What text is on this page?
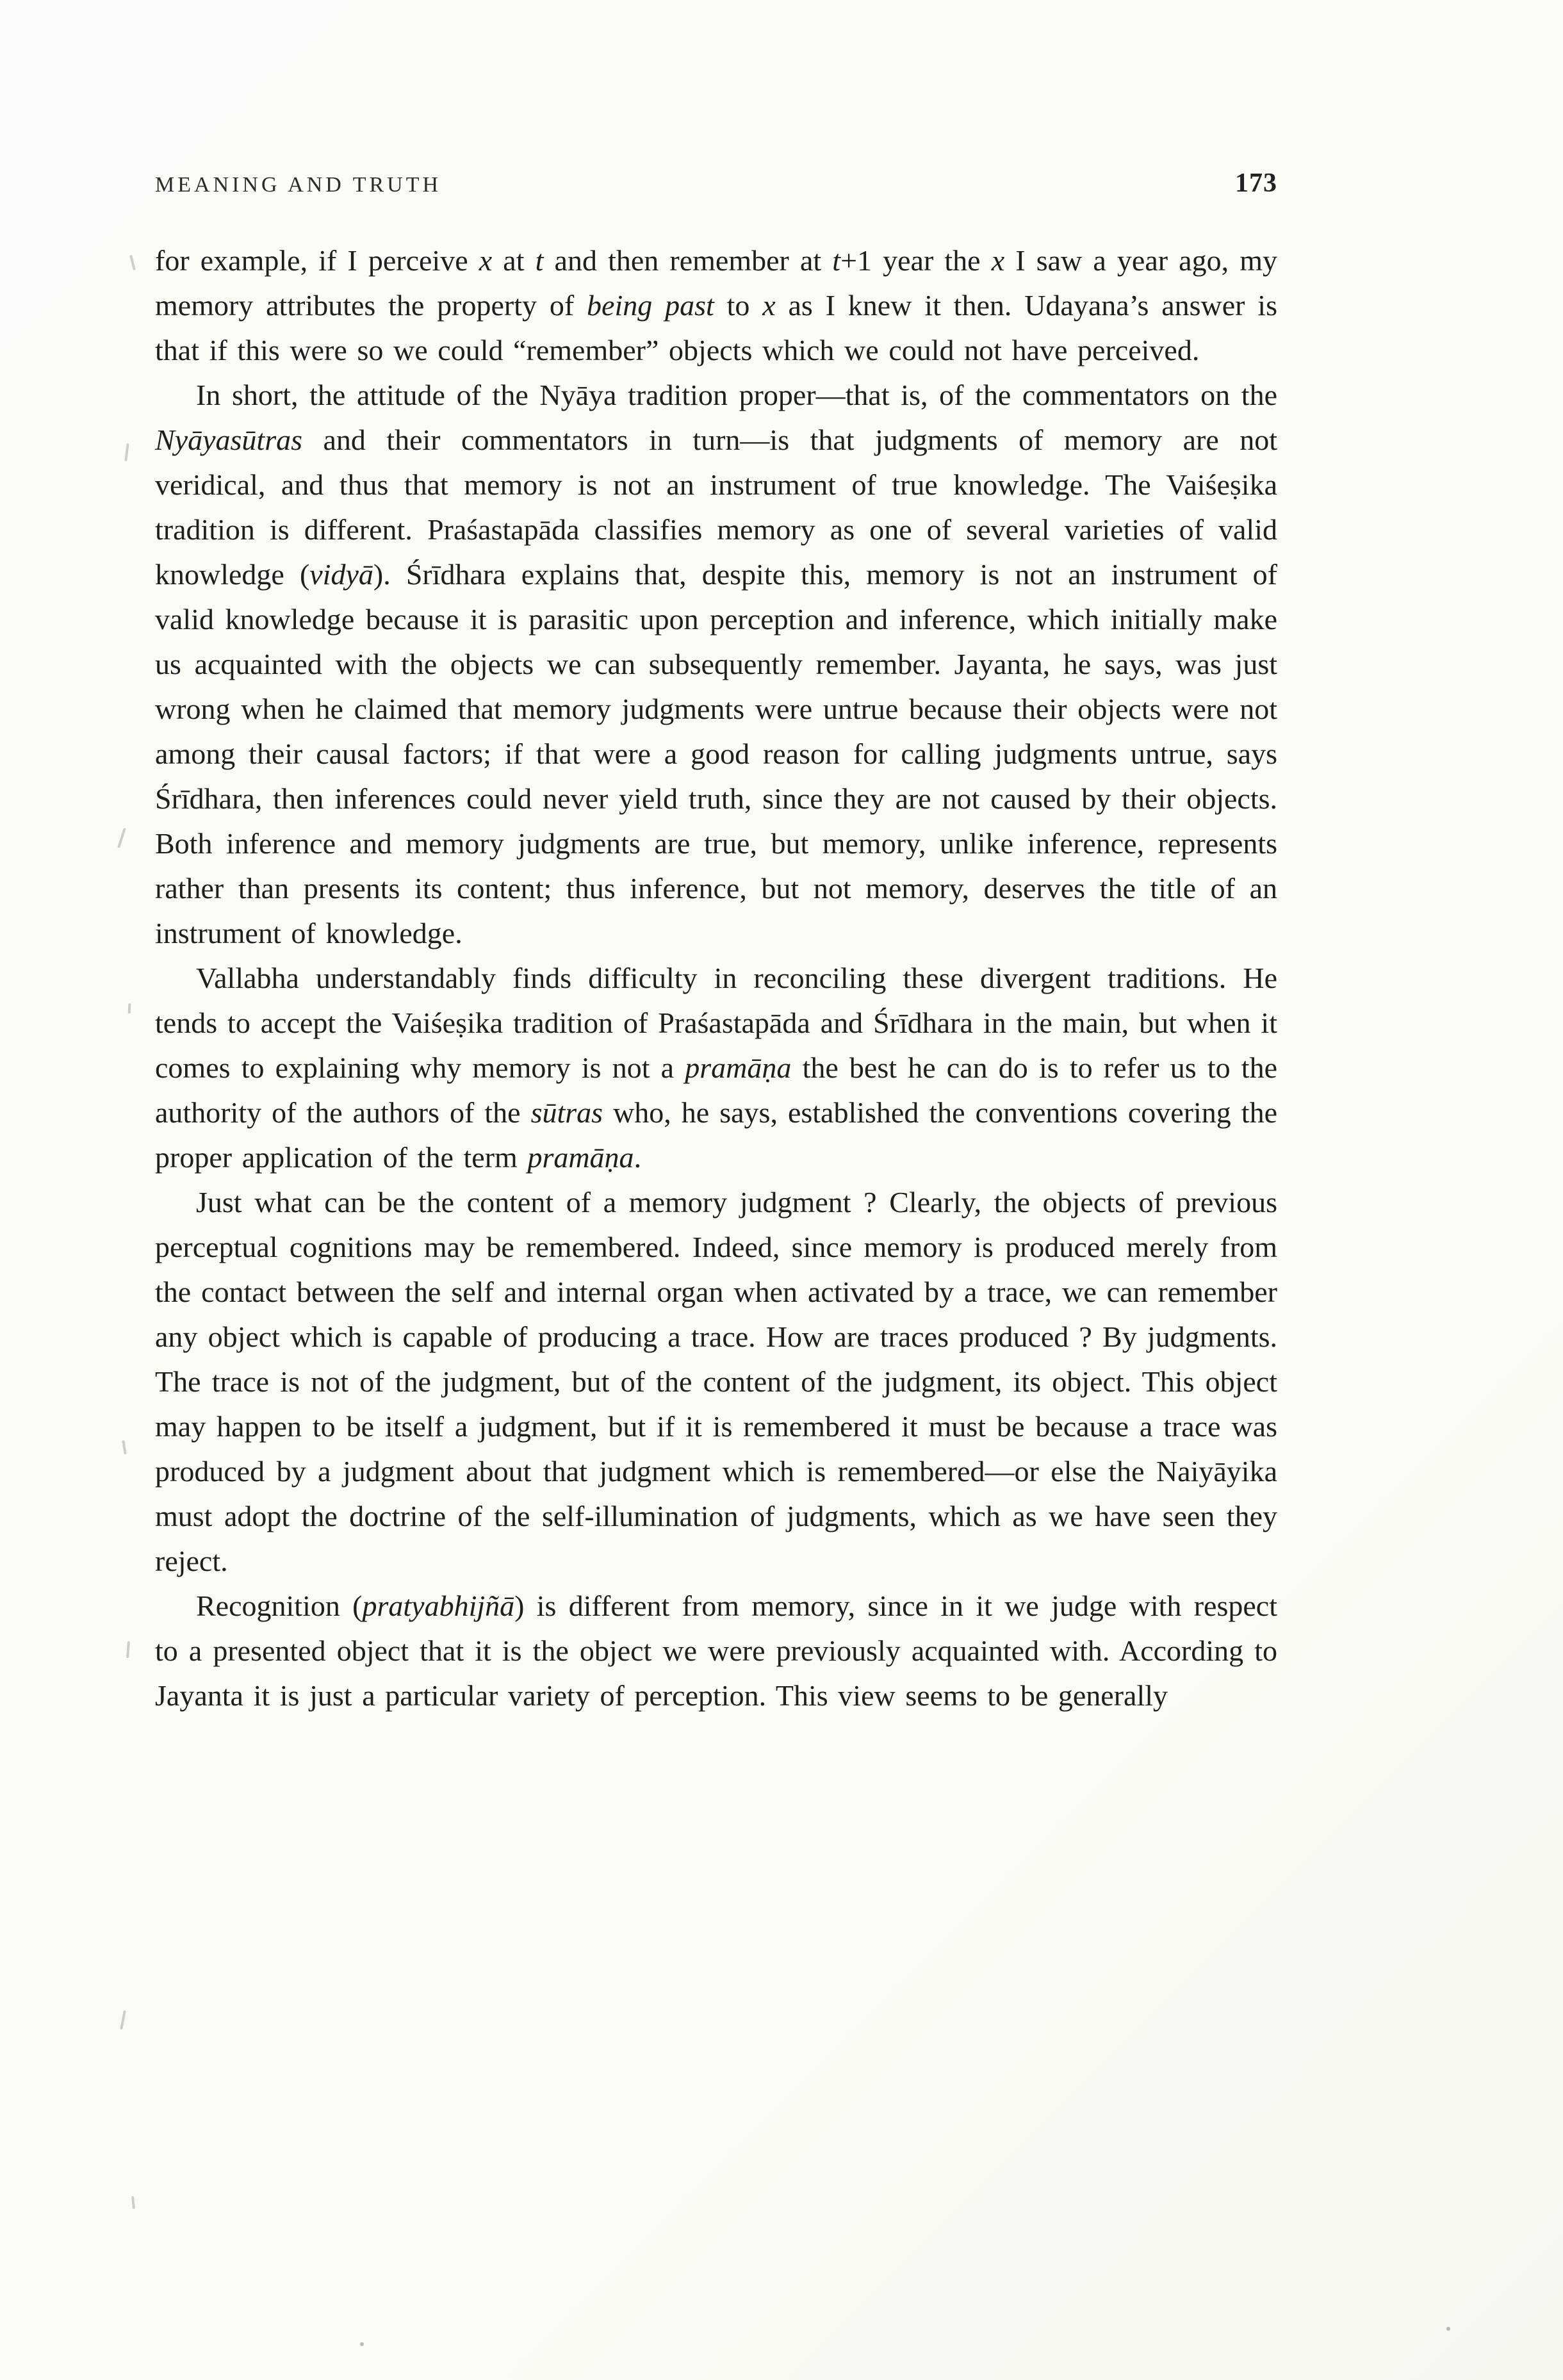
MEANING AND TRUTH	173

for example, if I perceive x at t and then remember at t+1 year the x I saw a year ago, my memory attributes the property of being past to x as I knew it then. Udayana’s answer is that if this were so we could “remember” objects which we could not have perceived.

In short, the attitude of the Nyāya tradition proper—that is, of the commentators on the Nyāyasūtras and their commentators in turn—is that judgments of memory are not veridical, and thus that memory is not an instrument of true knowledge. The Vaiśeṣika tradition is different. Praśastapāda classifies memory as one of several varieties of valid knowledge (vidyā). Śrīdhara explains that, despite this, memory is not an instrument of valid knowledge because it is parasitic upon perception and inference, which initially make us acquainted with the objects we can subsequently remember. Jayanta, he says, was just wrong when he claimed that memory judgments were untrue because their objects were not among their causal factors; if that were a good reason for calling judgments untrue, says Śrīdhara, then inferences could never yield truth, since they are not caused by their objects. Both inference and memory judgments are true, but memory, unlike inference, represents rather than presents its content; thus inference, but not memory, deserves the title of an instrument of knowledge.

Vallabha understandably finds difficulty in reconciling these divergent traditions. He tends to accept the Vaiśeṣika tradition of Praśastapāda and Śrīdhara in the main, but when it comes to explaining why memory is not a pramāṇa the best he can do is to refer us to the authority of the authors of the sūtras who, he says, established the conventions covering the proper application of the term pramāṇa.

Just what can be the content of a memory judgment ? Clearly, the objects of previous perceptual cognitions may be remembered. Indeed, since memory is produced merely from the contact between the self and internal organ when activated by a trace, we can remember any object which is capable of producing a trace. How are traces produced ? By judgments. The trace is not of the judgment, but of the content of the judgment, its object. This object may happen to be itself a judgment, but if it is remembered it must be because a trace was produced by a judgment about that judgment which is remembered—or else the Naiyāyika must adopt the doctrine of the self-illumination of judgments, which as we have seen they reject.

Recognition (pratyabhijñā) is different from memory, since in it we judge with respect to a presented object that it is the object we were previously acquainted with. According to Jayanta it is just a particular variety of perception. This view seems to be generally
